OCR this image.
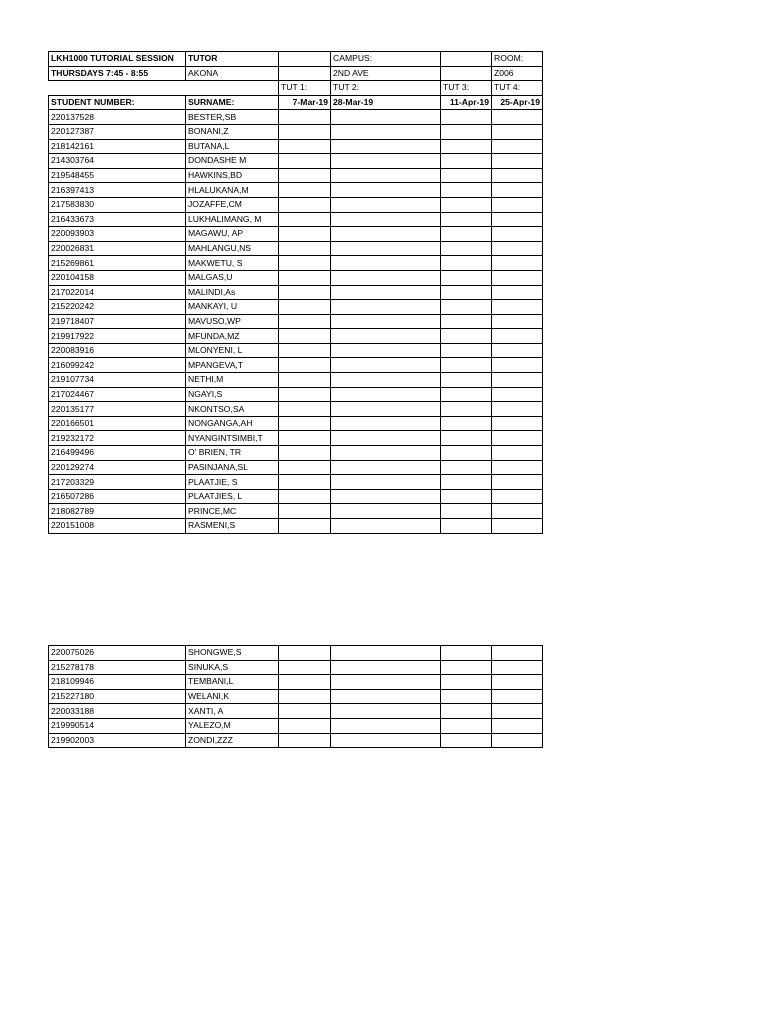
LKH1000 TUTORIAL SESSION	TUTOR		CAMPUS:		ROOM:
THURSDAYS 7:45 - 8:55	AKONA		2ND AVE		Z006
		TUT 1:	TUT 2:	TUT 3:	TUT 4:
STUDENT NUMBER:	SURNAME:	7-Mar-19	28-Mar-19	11-Apr-19	25-Apr-19
220137528	BESTER,SB				
220127387	BONANI,Z				
218142161	BUTANA,L				
214303764	DONDASHE M				
219548455	HAWKINS,BD				
216397413	HLALUKANA,M				
217583830	JOZAFFE,CM				
216433673	LUKHALIMANG, M				
220093903	MAGAWU, AP				
220026831	MAHLANGU,NS				
215269861	MAKWETU, S				
220104158	MALGAS,U				
217022014	MALINDI,As				
215220242	MANKAYI, U				
219718407	MAVUSO,WP				
219917922	MFUNDA,MZ				
220083916	MLONYENI, L				
216099242	MPANGEVA,T				
219107734	NETHI,M				
217024467	NGAYI,S				
220135177	NKONTSO,SA				
220166501	NONGANGA,AH				
219232172	NYANGINTSIMBI,T				
216499496	O' BRIEN, TR				
220129274	PASINJANA,SL				
217203329	PLAATJIE, S				
216507286	PLAATJIES, L				
218082789	PRINCE,MC				
220151008	RASMENI,S				
220075026	SHONGWE,S				
215278178	SINUKA,S				
218109946	TEMBANI,L				
215227180	WELANI,K				
220033188	XANTI, A				
219990514	YALEZO,M				
219902003	ZONDI,ZZZ				
